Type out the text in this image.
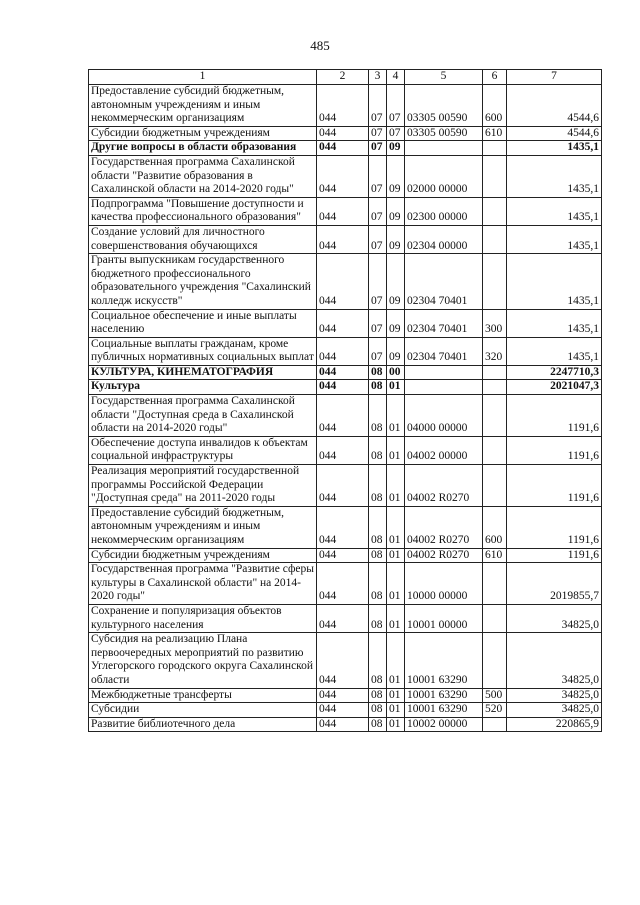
485
1	2	3	4	5	6	7
Предоставление субсидий бюджетным, автономным учреждениям и иным некоммерческим организациям	044	07	07	03305 00590	600	4544,6
Субсидии бюджетным учреждениям	044	07	07	03305 00590	610	4544,6
Другие вопросы в области образования	044	07	09			1435,1
Государственная программа Сахалинской области "Развитие образования в Сахалинской области на 2014-2020 годы"	044	07	09	02000 00000		1435,1
Подпрограмма "Повышение доступности и качества профессионального образования"	044	07	09	02300 00000		1435,1
Создание условий для личностного совершенствования обучающихся	044	07	09	02304 00000		1435,1
Гранты выпускникам государственного бюджетного профессионального образовательного учреждения "Сахалинский колледж искусств"	044	07	09	02304 70401		1435,1
Социальное обеспечение и иные выплаты населению	044	07	09	02304 70401	300	1435,1
Социальные выплаты гражданам, кроме публичных нормативных социальных выплат	044	07	09	02304 70401	320	1435,1
КУЛЬТУРА, КИНЕМАТОГРАФИЯ	044	08	00			2247710,3
Культура	044	08	01			2021047,3
Государственная программа Сахалинской области "Доступная среда в Сахалинской области на 2014-2020 годы"	044	08	01	04000 00000		1191,6
Обеспечение доступа инвалидов к объектам социальной инфраструктуры	044	08	01	04002 00000		1191,6
Реализация мероприятий государственной программы Российской Федерации "Доступная среда" на 2011-2020 годы	044	08	01	04002 R0270		1191,6
Предоставление субсидий бюджетным, автономным учреждениям и иным некоммерческим организациям	044	08	01	04002 R0270	600	1191,6
Субсидии бюджетным учреждениям	044	08	01	04002 R0270	610	1191,6
Государственная программа "Развитие сферы культуры в Сахалинской области" на 2014-2020 годы"	044	08	01	10000 00000		2019855,7
Сохранение и популяризация объектов культурного населения	044	08	01	10001 00000		34825,0
Субсидия на реализацию Плана первоочередных мероприятий по развитию Углегорского городского округа Сахалинской области	044	08	01	10001 63290		34825,0
Межбюджетные трансферты	044	08	01	10001 63290	500	34825,0
Субсидии	044	08	01	10001 63290	520	34825,0
Развитие библиотечного дела	044	08	01	10002 00000		220865,9
